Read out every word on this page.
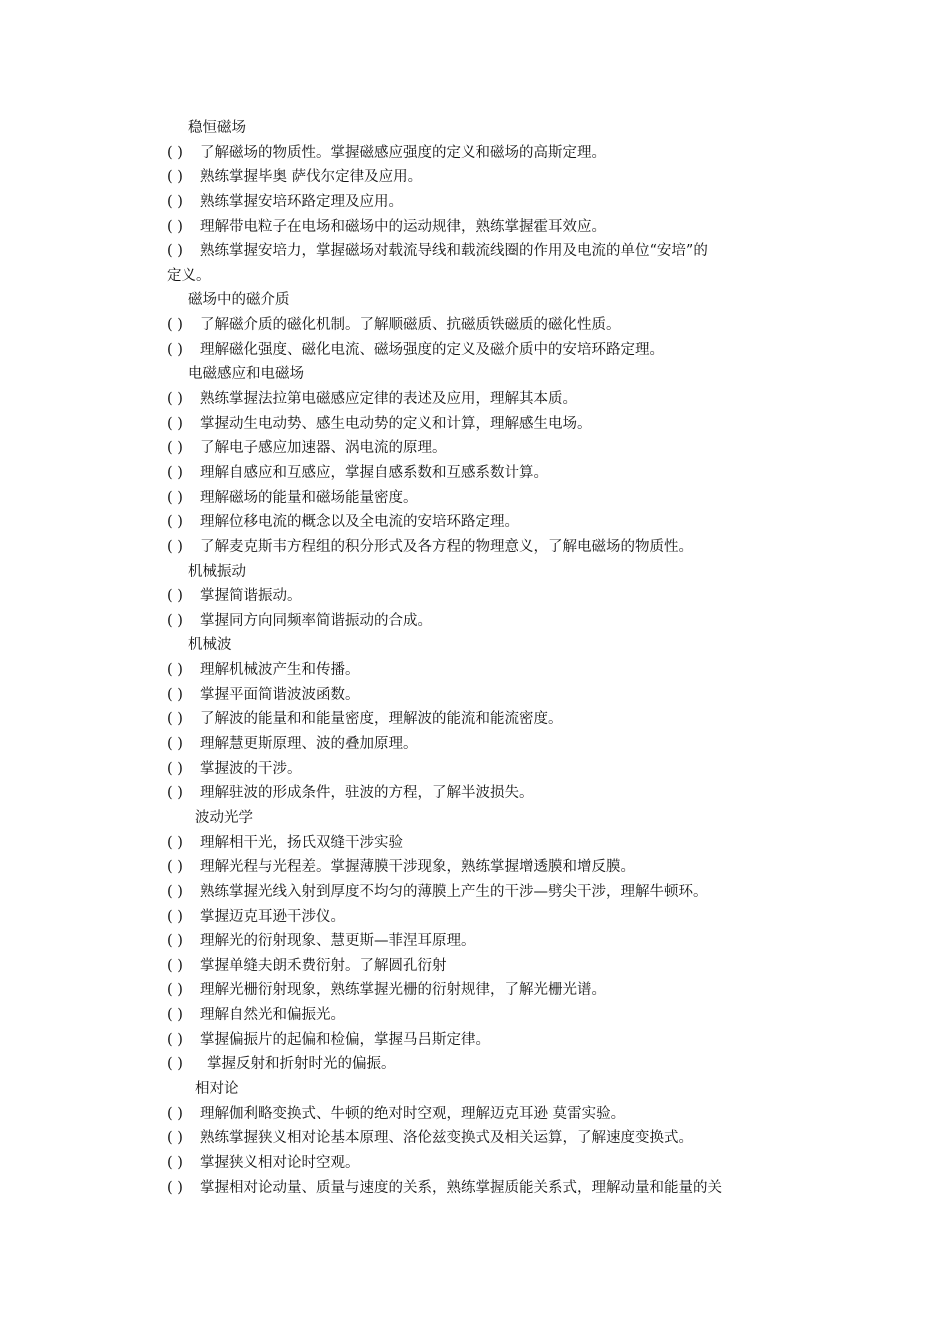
稳恒磁场
( ) 了解磁场的物质性。掌握磁感应强度的定义和磁场的高斯定理。
( ) 熟练掌握毕奥 萨伐尔定律及应用。
( ) 熟练掌握安培环路定理及应用。
( ) 理解带电粒子在电场和磁场中的运动规律，熟练掌握霍耳效应。
( ) 熟练掌握安培力，掌握磁场对载流导线和载流线圈的作用及电流的单位“安培”的
定义。
磁场中的磁介质
( ) 了解磁介质的磁化机制。了解顺磁质、抗磁质铁磁质的磁化性质。
( ) 理解磁化强度、磁化电流、磁场强度的定义及磁介质中的安培环路定理。
电磁感应和电磁场
( ) 熟练掌握法拉第电磁感应定律的表述及应用，理解其本质。
( ) 掌握动生电动势、感生电动势的定义和计算，理解感生电场。
( ) 了解电子感应加速器、涡电流的原理。
( ) 理解自感应和互感应，掌握自感系数和互感系数计算。
( ) 理解磁场的能量和磁场能量密度。
( ) 理解位移电流的概念以及全电流的安培环路定理。
( ) 了解麦克斯韦方程组的积分形式及各方程的物理意义，了解电磁场的物质性。
机械振动
( ) 掌握简谐振动。
( ) 掌握同方向同频率简谐振动的合成。
机械波
( ) 理解机械波产生和传播。
( ) 掌握平面简谐波波函数。
( ) 了解波的能量和和能量密度，理解波的能流和能流密度。
( ) 理解慧更斯原理、波的叠加原理。
( ) 掌握波的干涉。
( ) 理解驻波的形成条件，驻波的方程，了解半波损失。
波动光学
( ) 理解相干光，扬氏双缝干涉实验
( ) 理解光程与光程差。掌握薄膜干涉现象，熟练掌握增透膜和增反膜。
( ) 熟练掌握光线入射到厚度不均匀的薄膜上产生的干涉—劈尖干涉，理解牛顿环。
( ) 掌握迈克耳逊干涉仪。
( ) 理解光的衍射现象、慧更斯—菲涅耳原理。
( ) 掌握单缝夫朗禾费衍射。了解圆孔衍射
( ) 理解光栅衍射现象，熟练掌握光栅的衍射规律，了解光栅光谱。
( ) 理解自然光和偏振光。
( ) 掌握偏振片的起偏和检偏，掌握马吕斯定律。
( ) 掌握反射和折射时光的偏振。
相对论
( ) 理解伽利略变换式、牛顿的绝对时空观，理解迈克耳逊 莫雷实验。
( ) 熟练掌握狭义相对论基本原理、洛伦兹变换式及相关运算，了解速度变换式。
( ) 掌握狭义相对论时空观。
( ) 掌握相对论动量、质量与速度的关系，熟练掌握质能关系式，理解动量和能量的关
